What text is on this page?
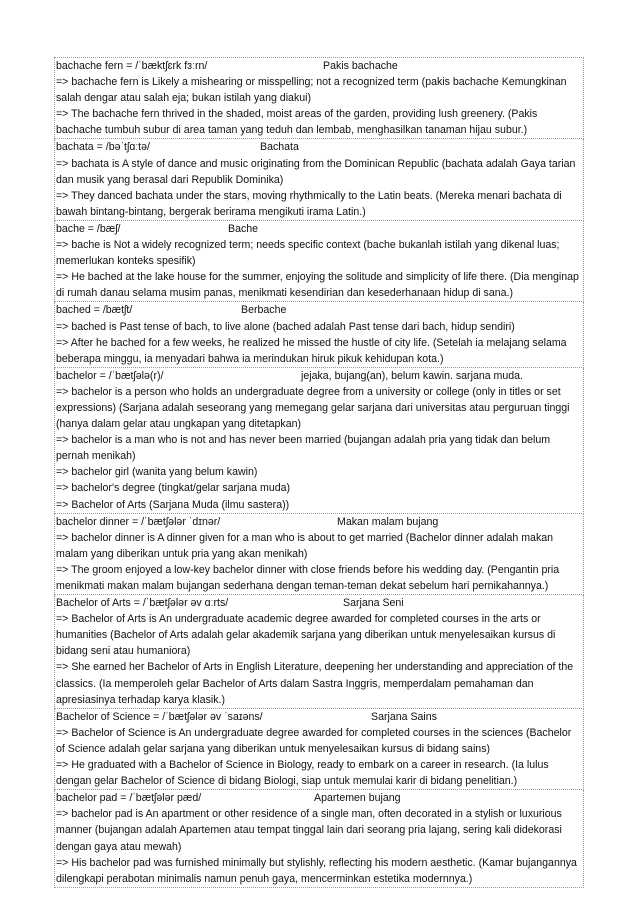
bachache fern = /ˈbæktʃɛrk fɜːrn/	Pakis bachache
=> bachache fern is Likely a mishearing or misspelling; not a recognized term (pakis bachache Kemungkinan salah dengar atau salah eja; bukan istilah yang diakui)
=> The bachache fern thrived in the shaded, moist areas of the garden, providing lush greenery. (Pakis bachache tumbuh subur di area taman yang teduh dan lembab, menghasilkan tanaman hijau subur.)
bachata = /bəˈtʃɑːtə/	Bachata
=> bachata is A style of dance and music originating from the Dominican Republic (bachata adalah Gaya tarian dan musik yang berasal dari Republik Dominika)
=> They danced bachata under the stars, moving rhythmically to the Latin beats. (Mereka menari bachata di bawah bintang-bintang, bergerak berirama mengikuti irama Latin.)
bache = /bæʃ/	Bache
=> bache is Not a widely recognized term; needs specific context (bache bukanlah istilah yang dikenal luas; memerlukan konteks spesifik)
=> He bached at the lake house for the summer, enjoying the solitude and simplicity of life there. (Dia menginap di rumah danau selama musim panas, menikmati kesendirian dan kesederhanaan hidup di sana.)
bached = /bætʃt/	Berbache
=> bached is Past tense of bach, to live alone (bached adalah Past tense dari bach, hidup sendiri)
=> After he bached for a few weeks, he realized he missed the hustle of city life. (Setelah ia melajang selama beberapa minggu, ia menyadari bahwa ia merindukan hiruk pikuk kehidupan kota.)
bachelor = /ˈbætʃələ(r)/	jejaka, bujang(an), belum kawin. sarjana muda.
=> bachelor is a person who holds an undergraduate degree from a university or college (only in titles or set expressions) (Sarjana adalah seseorang yang memegang gelar sarjana dari universitas atau perguruan tinggi (hanya dalam gelar atau ungkapan yang ditetapkan)
=> bachelor is a man who is not and has never been married (bujangan adalah pria yang tidak dan belum pernah menikah)
=> bachelor girl (wanita yang belum kawin)
=> bachelor's degree (tingkat/gelar sarjana muda)
=> Bachelor of Arts (Sarjana Muda (ilmu sastera))
bachelor dinner = /ˈbætʃələr ˈdɪnər/	Makan malam bujang
=> bachelor dinner is A dinner given for a man who is about to get married (Bachelor dinner adalah makan malam yang diberikan untuk pria yang akan menikah)
=> The groom enjoyed a low-key bachelor dinner with close friends before his wedding day. (Pengantin pria menikmati makan malam bujangan sederhana dengan teman-teman dekat sebelum hari pernikahannya.)
Bachelor of Arts = /ˈbætʃələr əv ɑːrts/	Sarjana Seni
=> Bachelor of Arts is An undergraduate academic degree awarded for completed courses in the arts or humanities (Bachelor of Arts adalah gelar akademik sarjana yang diberikan untuk menyelesaikan kursus di bidang seni atau humaniora)
=> She earned her Bachelor of Arts in English Literature, deepening her understanding and appreciation of the classics. (Ia memperoleh gelar Bachelor of Arts dalam Sastra Inggris, memperdalam pemahaman dan apresiasinya terhadap karya klasik.)
Bachelor of Science = /ˈbætʃələr əv ˈsaɪəns/	Sarjana Sains
=> Bachelor of Science is An undergraduate degree awarded for completed courses in the sciences (Bachelor of Science adalah gelar sarjana yang diberikan untuk menyelesaikan kursus di bidang sains)
=> He graduated with a Bachelor of Science in Biology, ready to embark on a career in research. (Ia lulus dengan gelar Bachelor of Science di bidang Biologi, siap untuk memulai karir di bidang penelitian.)
bachelor pad = /ˈbætʃələr pæd/	Apartemen bujang
=> bachelor pad is An apartment or other residence of a single man, often decorated in a stylish or luxurious manner (bujangan adalah Apartemen atau tempat tinggal lain dari seorang pria lajang, sering kali didekorasi dengan gaya atau mewah)
=> His bachelor pad was furnished minimally but stylishly, reflecting his modern aesthetic. (Kamar bujangannya dilengkapi perabotan minimalis namun penuh gaya, mencerminkan estetika modernnya.)
